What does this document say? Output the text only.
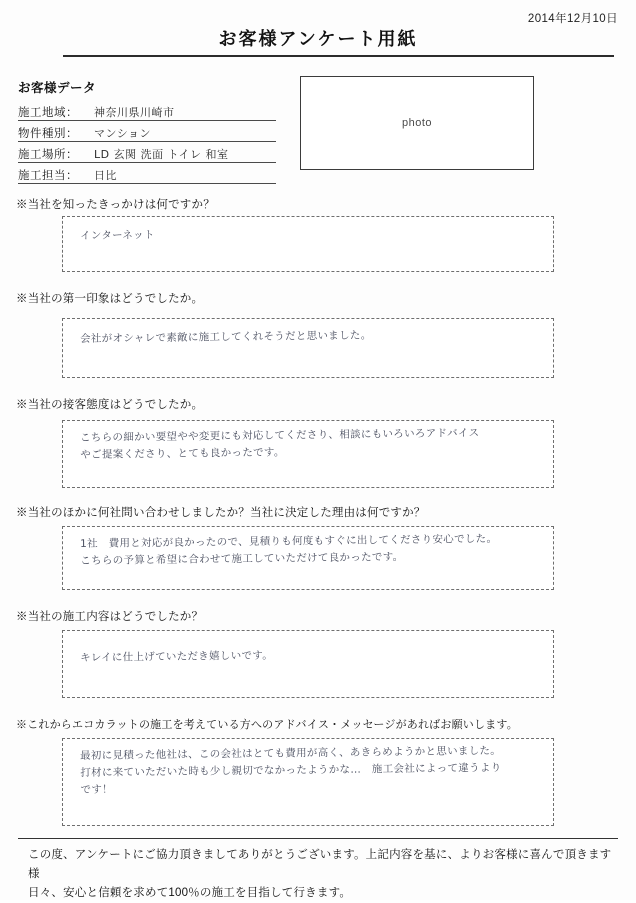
2014年12月10日
お客様アンケート用紙
お客様データ
施工地域： 神奈川県川崎市
物件種別： マンション
施工場所： LD 玄関 洗面 トイレ 和室
施工担当： 日比
photo
※当社を知ったきっかけは何ですか？
インターネット
※当社の第一印象はどうでしたか。
会社がオシャレで素敵に施工してくれそうだと思いました。
※当社の接客態度はどうでしたか。
こちらの細かい要望やや変更にも対応してくださり、相談にもいろいろアドバイス
やご提案くださり、とても良かったです。
※当社のほかに何社問い合わせしましたか？当社に決定した理由は何ですか？
1社　費用と対応が良かったので、見積りも何度もすぐに出してくださり安心でした。
こちらの予算と希望に合わせて施工していただけて良かったです。
※当社の施工内容はどうでしたか？
キレイに仕上げていただき嬉しいです。
※これからエコカラットの施工を考えている方へのアドバイス・メッセージがあればお願いします。
最初に見積った他社は、この会社はとても費用が高く、あきらめようかと思いました。
打材に来ていただいた時も少し親切でなかったようかな…　施工会社によって違うより
です！
この度、アンケートにご協力頂きましてありがとうございます。上記内容を基に、よりお客様に喜んで頂きます様
日々、安心と信頼を求めて100％の施工を目指して行きます。
